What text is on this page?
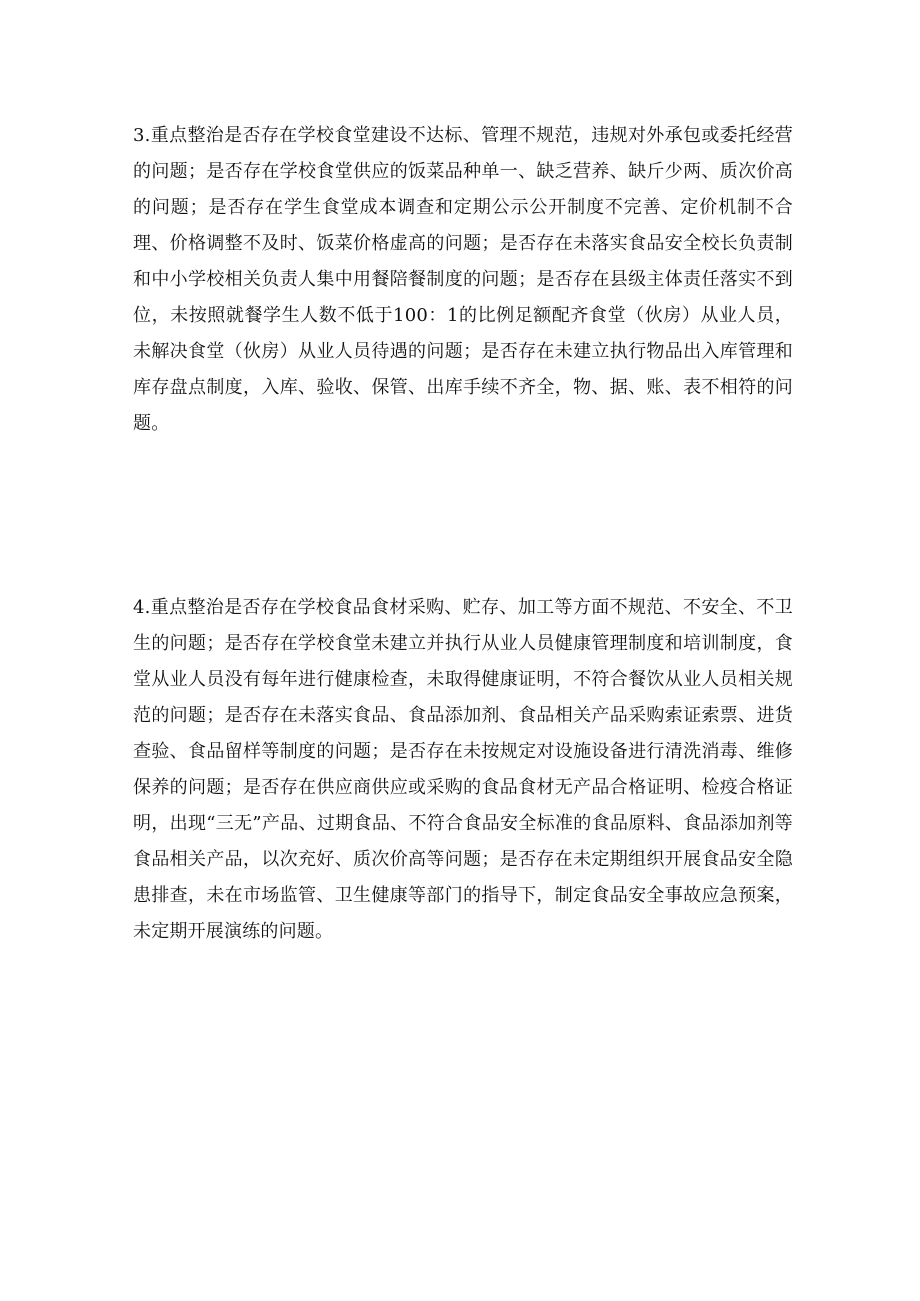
3.重点整治是否存在学校食堂建设不达标、管理不规范，违规对外承包或委托经营的问题；是否存在学校食堂供应的饭菜品种单一、缺乏营养、缺斤少两、质次价高的问题；是否存在学生食堂成本调查和定期公示公开制度不完善、定价机制不合理、价格调整不及时、饭菜价格虚高的问题；是否存在未落实食品安全校长负责制和中小学校相关负责人集中用餐陪餐制度的问题；是否存在县级主体责任落实不到位，未按照就餐学生人数不低于100：1的比例足额配齐食堂（伙房）从业人员，未解决食堂（伙房）从业人员待遇的问题；是否存在未建立执行物品出入库管理和库存盘点制度，入库、验收、保管、出库手续不齐全，物、据、账、表不相符的问题。

4.重点整治是否存在学校食品食材采购、贮存、加工等方面不规范、不安全、不卫生的问题；是否存在学校食堂未建立并执行从业人员健康管理制度和培训制度，食堂从业人员没有每年进行健康检查，未取得健康证明，不符合餐饮从业人员相关规范的问题；是否存在未落实食品、食品添加剂、食品相关产品采购索证索票、进货查验、食品留样等制度的问题；是否存在未按规定对设施设备进行清洗消毒、维修保养的问题；是否存在供应商供应或采购的食品食材无产品合格证明、检疫合格证明，出现“三无”产品、过期食品、不符合食品安全标准的食品原料、食品添加剂等食品相关产品，以次充好、质次价高等问题；是否存在未定期组织开展食品安全隐患排查，未在市场监管、卫生健康等部门的指导下，制定食品安全事故应急预案，未定期开展演练的问题。
